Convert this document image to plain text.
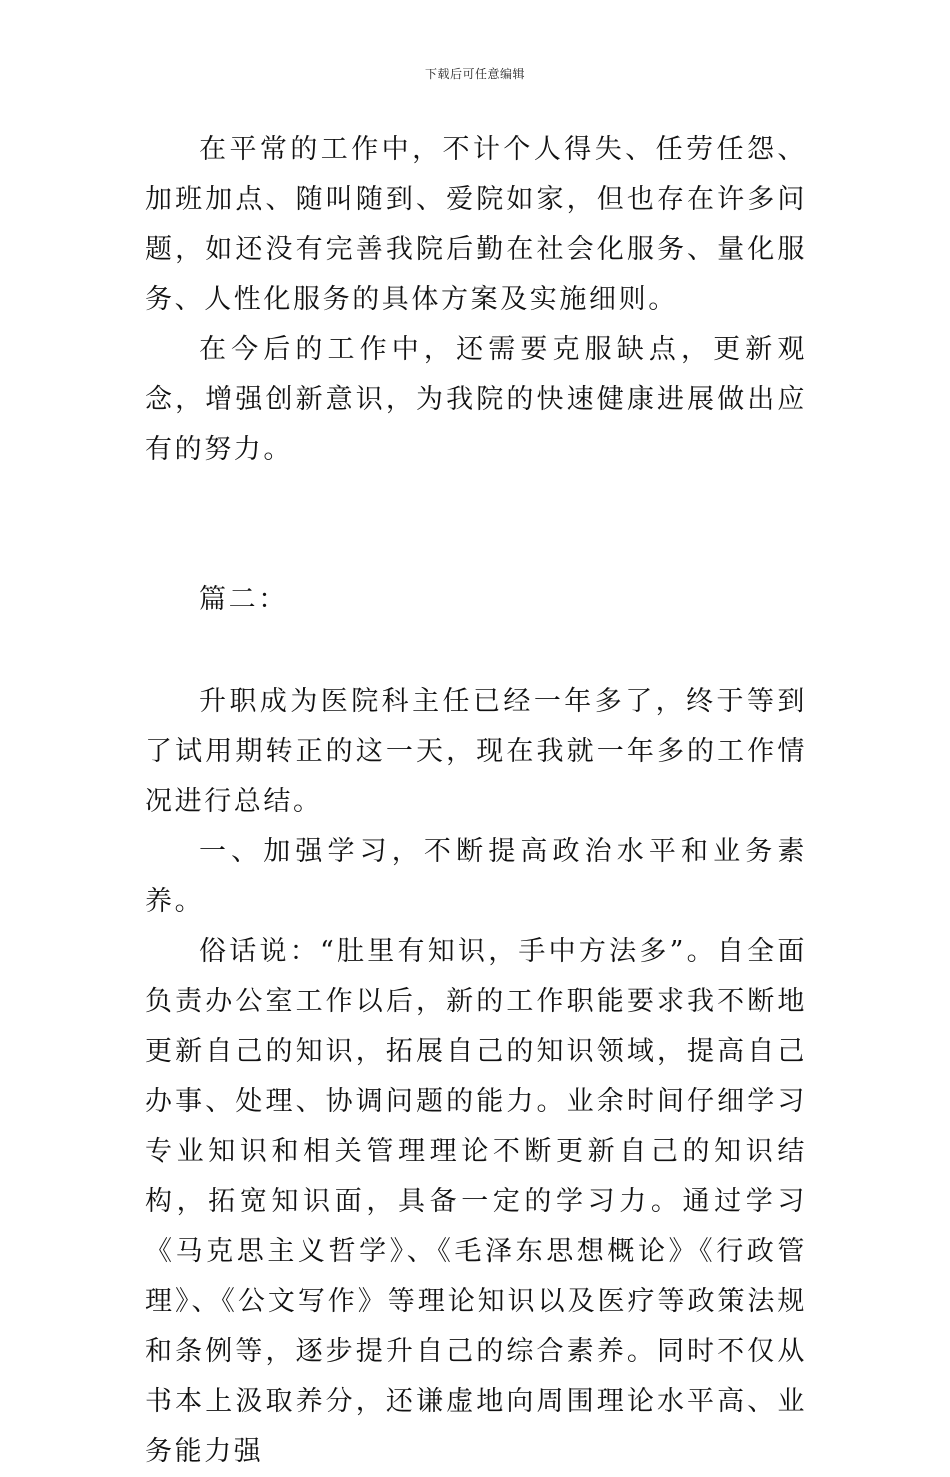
下载后可任意编辑

在平常的工作中，不计个人得失、任劳任怨、加班加点、随叫随到、爱院如家，但也存在许多问题，如还没有完善我院后勤在社会化服务、量化服务、人性化服务的具体方案及实施细则。

在今后的工作中，还需要克服缺点，更新观念，增强创新意识，为我院的快速健康进展做出应有的努力。

篇二：

升职成为医院科主任已经一年多了，终于等到了试用期转正的这一天，现在我就一年多的工作情况进行总结。

一、加强学习，不断提高政治水平和业务素养。

俗话说：“肚里有知识，手中方法多”。自全面负责办公室工作以后，新的工作职能要求我不断地更新自己的知识，拓展自己的知识领域，提高自己办事、处理、协调问题的能力。业余时间仔细学习专业知识和相关管理理论不断更新自己的知识结构，拓宽知识面，具备一定的学习力。通过学习《马克思主义哲学》、《毛泽东思想概论》《行政管理》、《公文写作》等理论知识以及医疗等政策法规和条例等，逐步提升自己的综合素养。同时不仅从书本上汲取养分，还谦虚地向周围理论水平高、业务能力强
